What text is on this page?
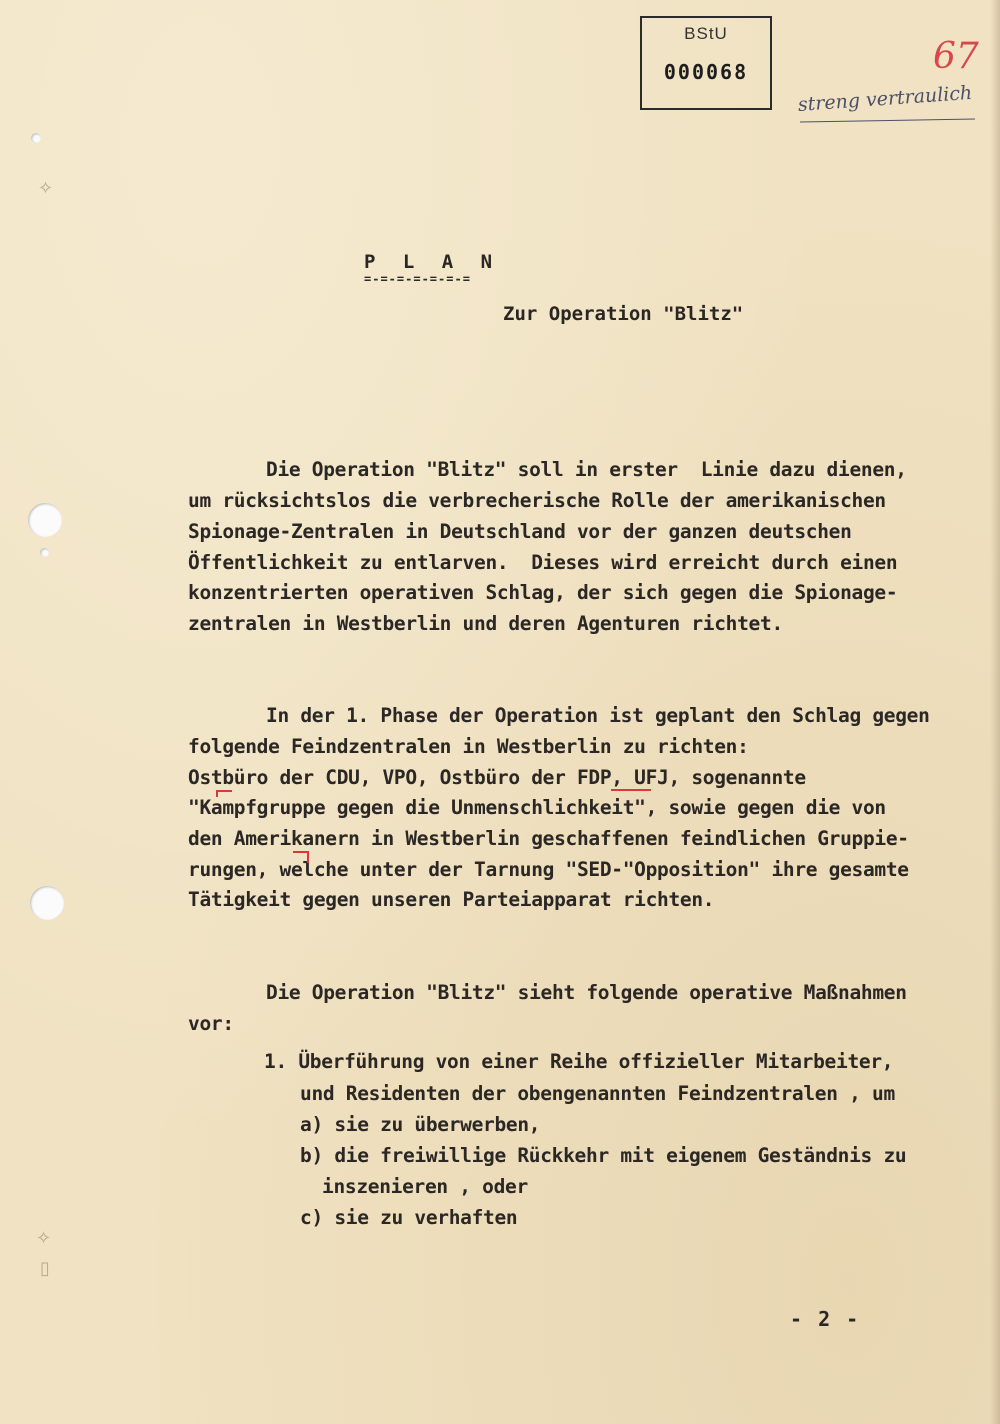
✧
✧
▯
BStU
000068	67
streng vertraulich
P L A N
=-=-=-=-=-=-=
Zur Operation "Blitz"
Die Operation "Blitz" soll in erster  Linie dazu dienen,
um rücksichtslos die verbrecherische Rolle der amerikanischen
Spionage-Zentralen in Deutschland vor der ganzen deutschen
Öffentlichkeit zu entlarven.  Dieses wird erreicht durch einen
konzentrierten operativen Schlag, der sich gegen die Spionage-
zentralen in Westberlin und deren Agenturen richtet.
In der 1. Phase der Operation ist geplant den Schlag gegen
folgende Feindzentralen in Westberlin zu richten:
Ostbüro der CDU, VPO, Ostbüro der FDP, UFJ, sogenannte
"Kampfgruppe gegen die Unmenschlichkeit", sowie gegen die von
den Amerikanern in Westberlin geschaffenen feindlichen Gruppie-
rungen, welche unter der Tarnung "SED-"Opposition" ihre gesamte
Tätigkeit gegen unseren Parteiapparat richten.
Die Operation "Blitz" sieht folgende operative Maßnahmen
vor:
1. Überführung von einer Reihe offizieller Mitarbeiter,
und Residenten der obengenannten Feindzentralen , um
a) sie zu überwerben,
b) die freiwillige Rückkehr mit eigenem Geständnis zu
inszenieren , oder
c) sie zu verhaften
- 2 -
